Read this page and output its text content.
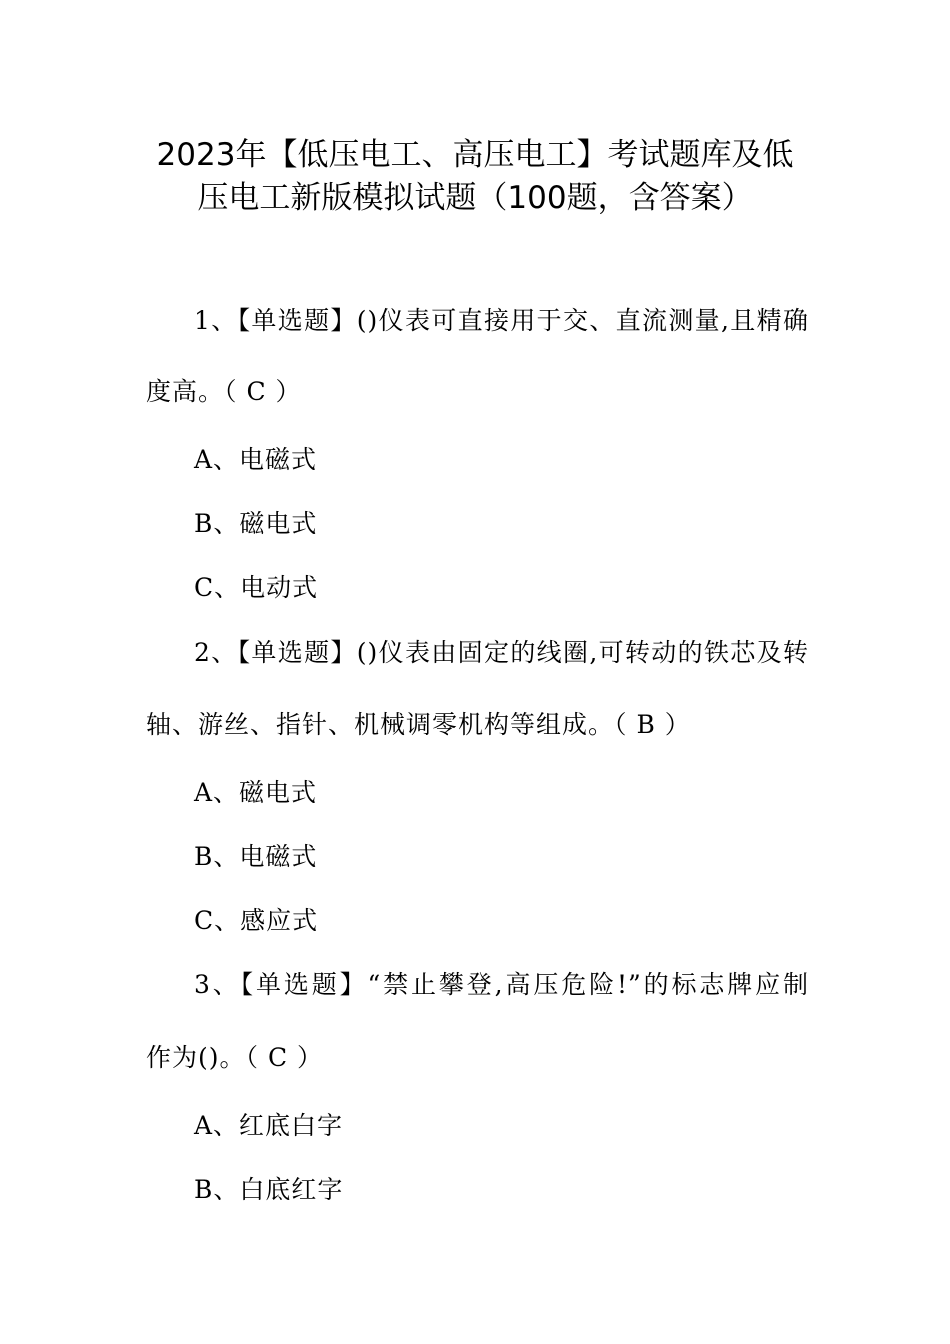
2023年【低压电工、高压电工】考试题库及低
压电工新版模拟试题（100题，含答案）
1、【单选题】()仪表可直接用于交、直流测量,且精确
度高。（ C ）
A、电磁式
B、磁电式
C、电动式
2、【单选题】()仪表由固定的线圈,可转动的铁芯及转
轴、游丝、指针、机械调零机构等组成。（ B ）
A、磁电式
B、电磁式
C、感应式
3、【单选题】“禁止攀登,高压危险!”的标志牌应制
作为()。（ C ）
A、红底白字
B、白底红字
